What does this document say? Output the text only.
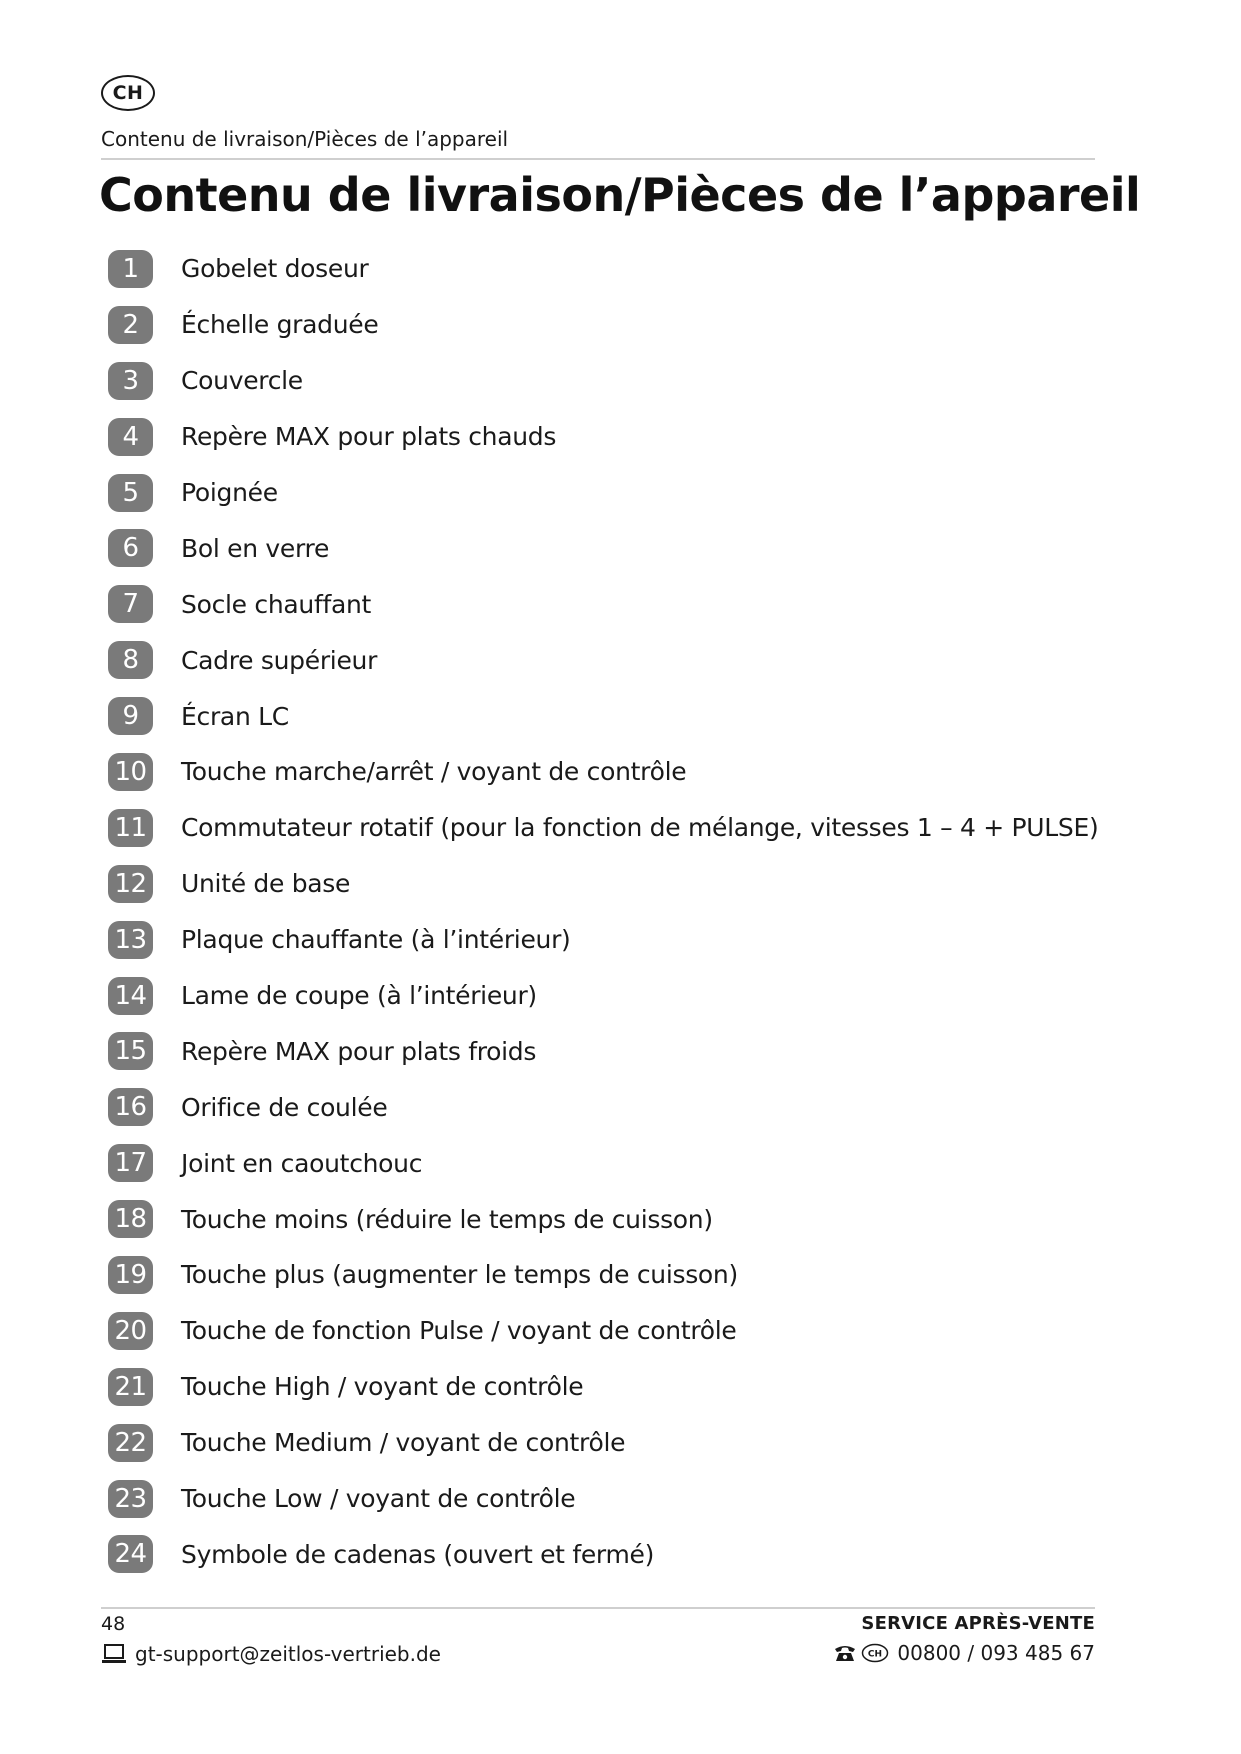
CH
Contenu de livraison/Pièces de l’appareil
Contenu de livraison/Pièces de l’appareil
1	Gobelet doseur
2	Échelle graduée
3	Couvercle
4	Repère MAX pour plats chauds
5	Poignée
6	Bol en verre
7	Socle chauffant
8	Cadre supérieur
9	Écran LC
10 Touche marche/arrêt / voyant de contrôle
11 Commutateur rotatif (pour la fonction de mélange, vitesses 1 – 4 + PULSE)
12 Unité de base
13 Plaque chauffante (à l’intérieur)
14 Lame de coupe (à l’intérieur)
15 Repère MAX pour plats froids
16 Orifice de coulée
17 Joint en caoutchouc
18 Touche moins (réduire le temps de cuisson)
19 Touche plus (augmenter le temps de cuisson)
20 Touche de fonction Pulse / voyant de contrôle
21 Touche High / voyant de contrôle
22 Touche Medium / voyant de contrôle
23 Touche Low / voyant de contrôle
24 Symbole de cadenas (ouvert et fermé)
48
gt-support@zeitlos-vertrieb.de
SERVICE APRÈS-VENTE
CH 00800 / 093 485 67
